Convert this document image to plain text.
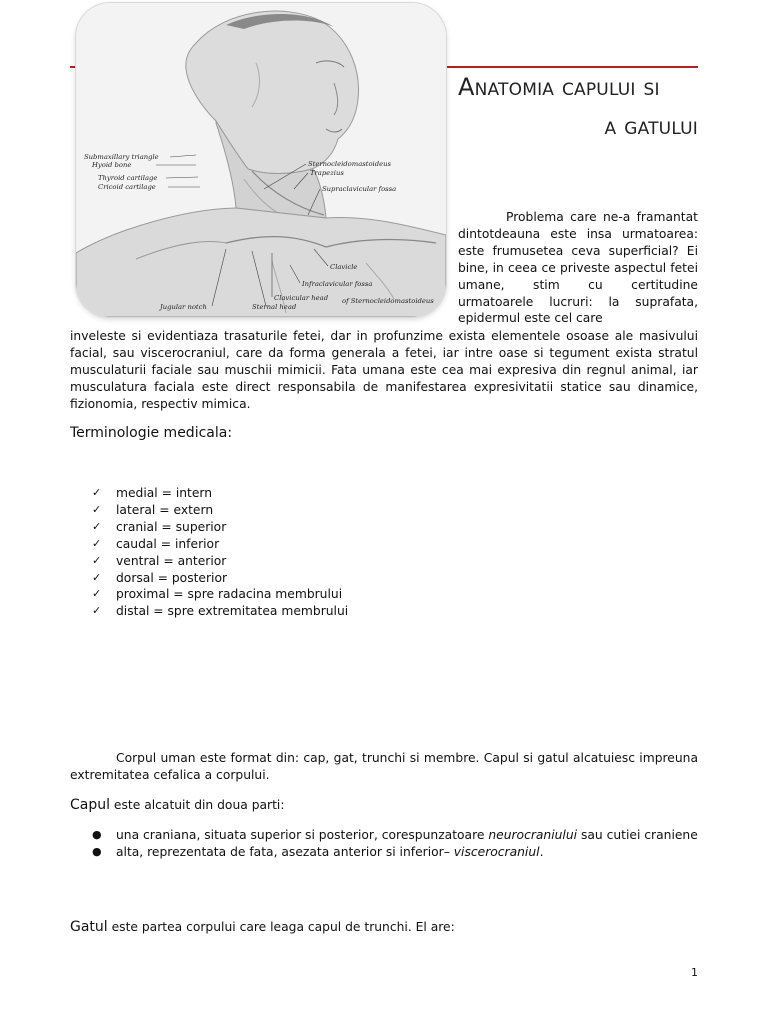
Submaxillary triangle
Hyoid bone
Thyroid cartilage
Cricoid cartilage
Sternocleidomastoideus
Trapezius
Supraclavicular fossa
Clavicle
Infraclavicular fossa
Clavicular head of Sternocleidomastoideus
Jugular notch	Sternal head
Anatomia capului si
a gatului
Problema care ne-a framantat dintotdeauna este insa urmatoarea: este frumusetea ceva superficial? Ei bine, in ceea ce priveste aspectul fetei umane, stim cu certitudine urmatoarele lucruri: la suprafata, epidermul este cel care
inveleste si evidentiaza trasaturile fetei, dar in profunzime exista elementele osoase ale masivului facial, sau viscerocraniul, care da forma generala a fetei, iar intre oase si tegument exista stratul musculaturii faciale sau muschii mimicii. Fata umana este cea mai expresiva din regnul animal, iar musculatura faciala este direct responsabila de manifestarea expresivitatii statice sau dinamice, fizionomia, respectiv mimica.
Terminologie medicala:
✓ medial = intern
✓ lateral = extern
✓ cranial = superior
✓ caudal = inferior
✓ ventral = anterior
✓ dorsal = posterior
✓ proximal = spre radacina membrului
✓ distal = spre extremitatea membrului
Corpul uman este format din: cap, gat, trunchi si membre. Capul si gatul alcatuiesc impreuna extremitatea cefalica a corpului.
Capul este alcatuit din doua parti:
● una craniana, situata superior si posterior, corespunzatoare neurocraniului sau cutiei craniene
● alta, reprezentata de fata, asezata anterior si inferior– viscerocraniul.
Gatul este partea corpului care leaga capul de trunchi. El are:
1
